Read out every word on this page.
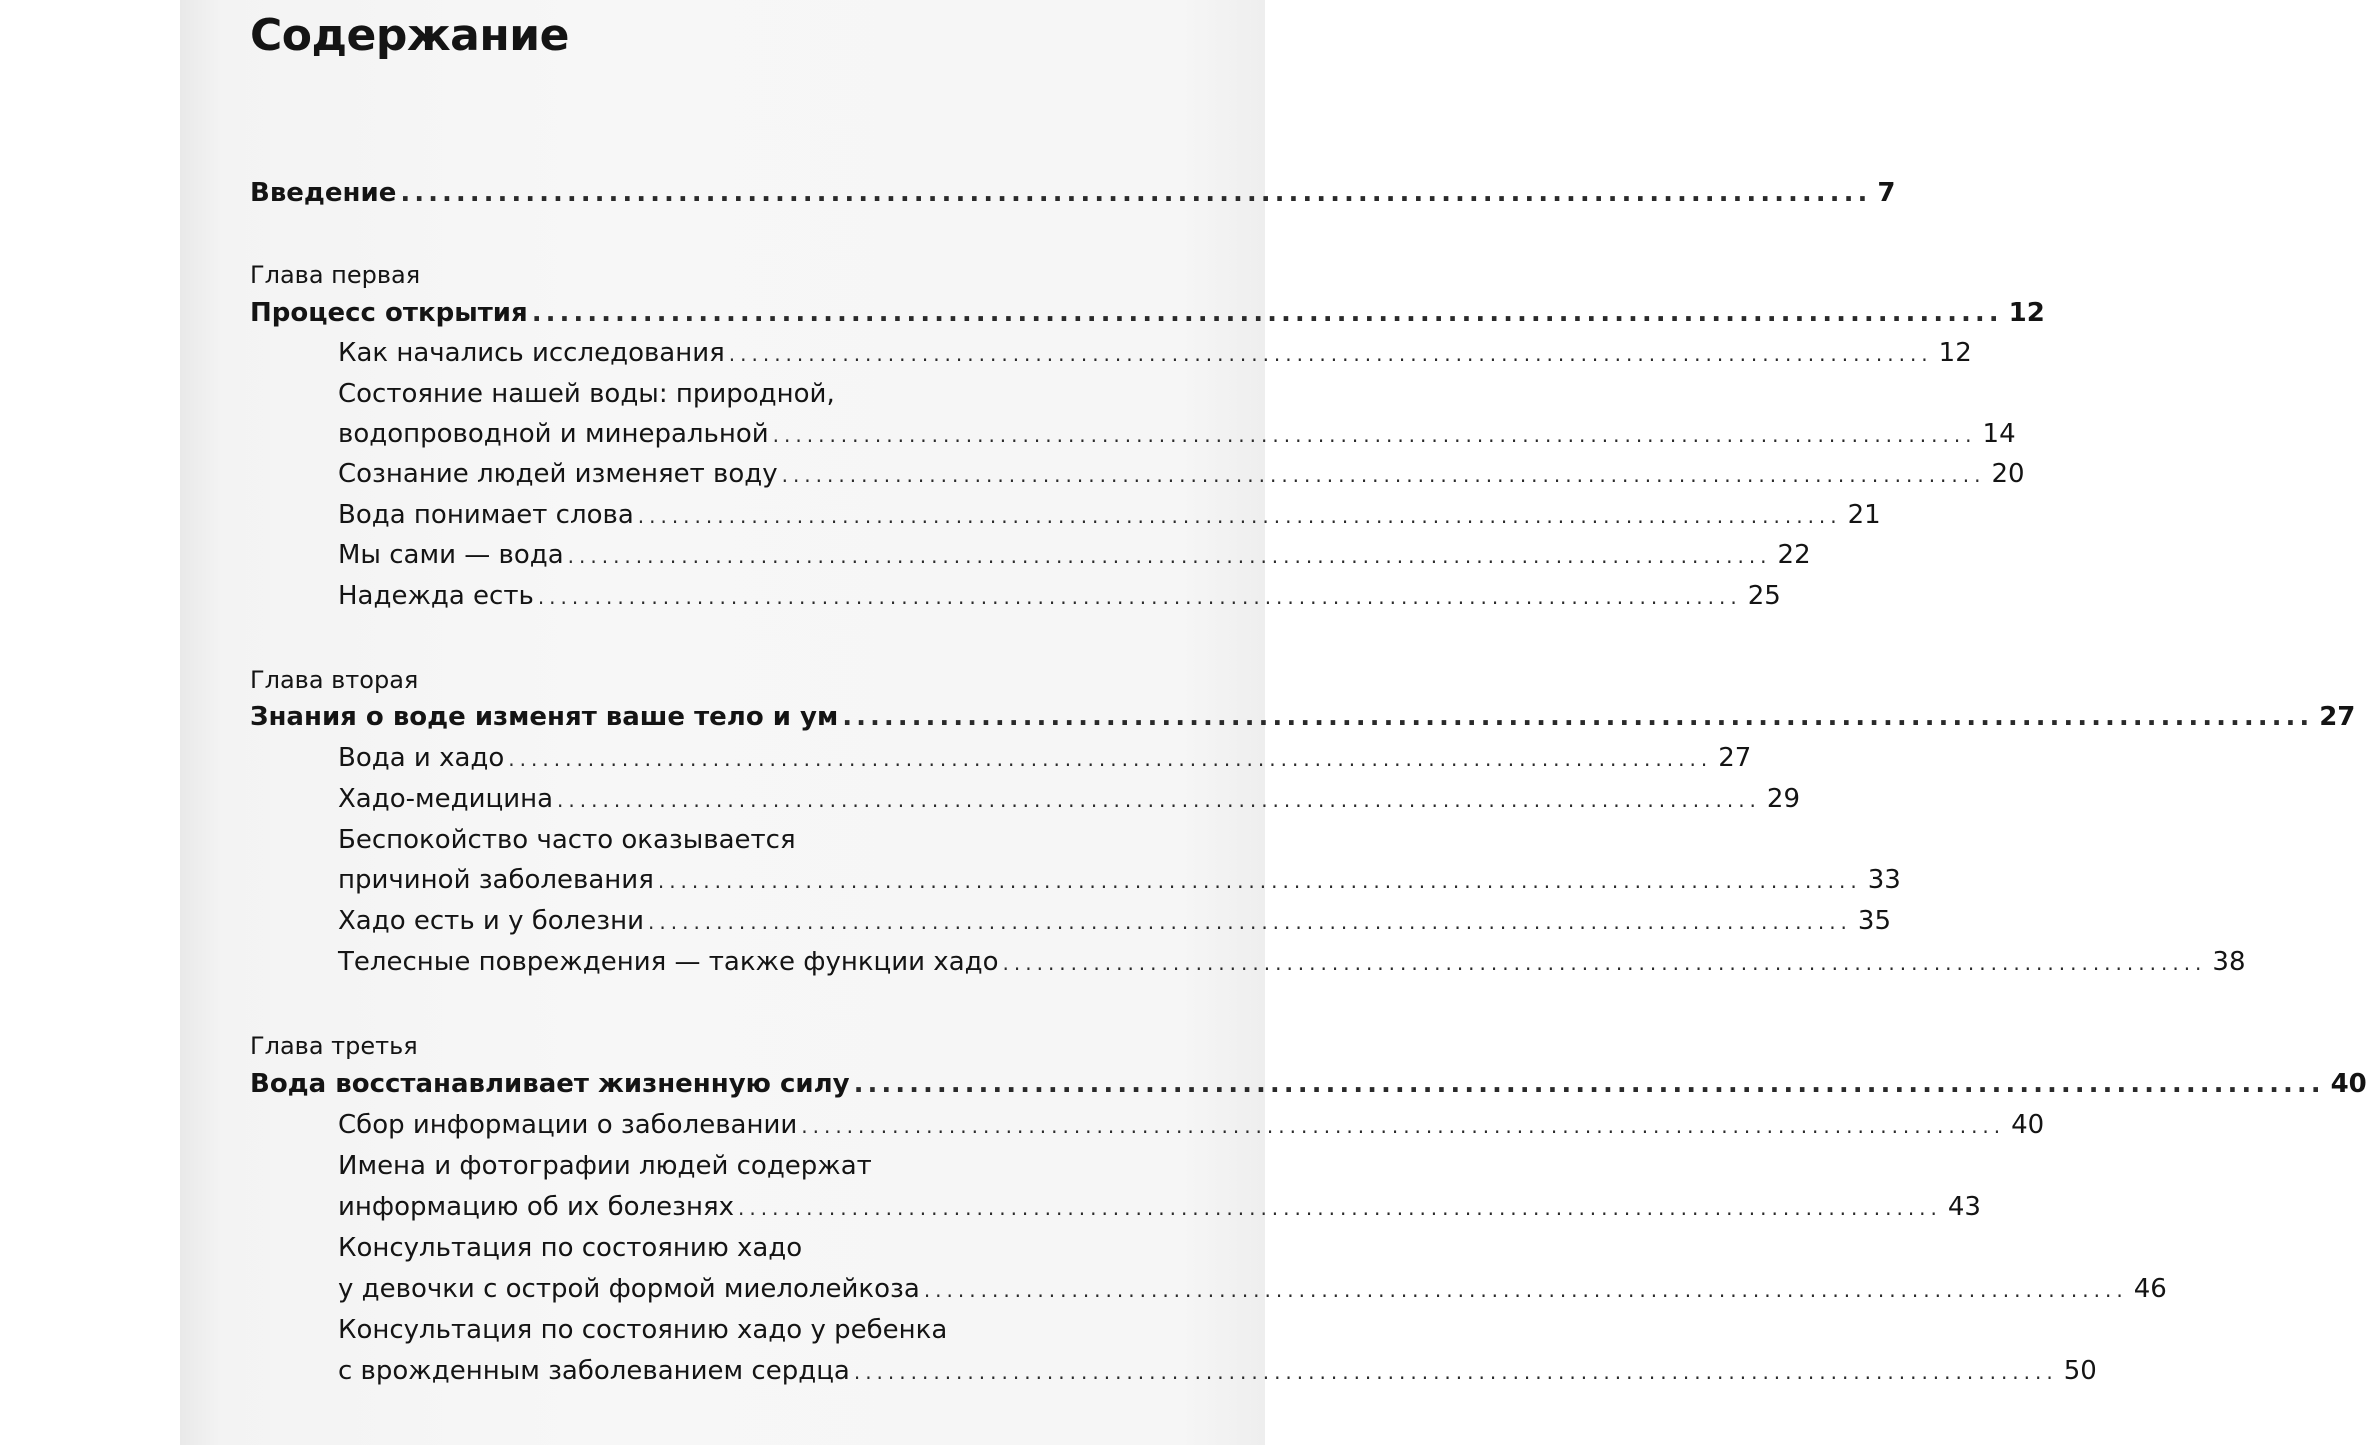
Содержание
Введение .......................................................................................................... 7
Глава первая
Процесс открытия .......................................................................................................... 12
Как начались исследования .......................................................................................................... 12
Состояние нашей воды: природной,
водопроводной и минеральной .......................................................................................................... 14
Сознание людей изменяет воду .......................................................................................................... 20
Вода понимает слова .......................................................................................................... 21
Мы сами — вода .......................................................................................................... 22
Надежда есть .......................................................................................................... 25
Глава вторая
Знания о воде изменят ваше тело и ум .......................................................................................................... 27
Вода и хадо .......................................................................................................... 27
Хадо-медицина .......................................................................................................... 29
Беспокойство часто оказывается
причиной заболевания .......................................................................................................... 33
Хадо есть и у болезни .......................................................................................................... 35
Телесные повреждения — также функции хадо .......................................................................................................... 38
Глава третья
Вода восстанавливает жизненную силу .......................................................................................................... 40
Сбор информации о заболевании .......................................................................................................... 40
Имена и фотографии людей содержат
информацию об их болезнях .......................................................................................................... 43
Консультация по состоянию хадо
у девочки с острой формой миелолейкоза .......................................................................................................... 46
Консультация по состоянию хадо у ребенка
с врожденным заболеванием сердца .......................................................................................................... 50
